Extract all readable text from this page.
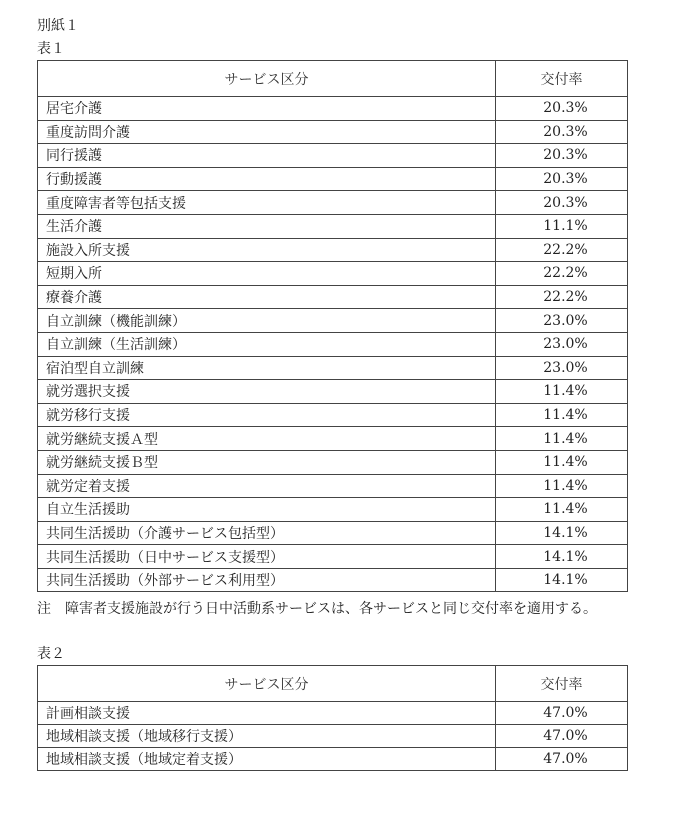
別紙１
表１
サービス区分	交付率
居宅介護	20.3%
重度訪問介護	20.3%
同行援護	20.3%
行動援護	20.3%
重度障害者等包括支援	20.3%
生活介護	11.1%
施設入所支援	22.2%
短期入所	22.2%
療養介護	22.2%
自立訓練（機能訓練）	23.0%
自立訓練（生活訓練）	23.0%
宿泊型自立訓練	23.0%
就労選択支援	11.4%
就労移行支援	11.4%
就労継続支援Ａ型	11.4%
就労継続支援Ｂ型	11.4%
就労定着支援	11.4%
自立生活援助	11.4%
共同生活援助（介護サービス包括型）	14.1%
共同生活援助（日中サービス支援型）	14.1%
共同生活援助（外部サービス利用型）	14.1%
注　障害者支援施設が行う日中活動系サービスは、各サービスと同じ交付率を適用する。
表２
サービス区分	交付率
計画相談支援	47.0%
地域相談支援（地域移行支援）	47.0%
地域相談支援（地域定着支援）	47.0%
